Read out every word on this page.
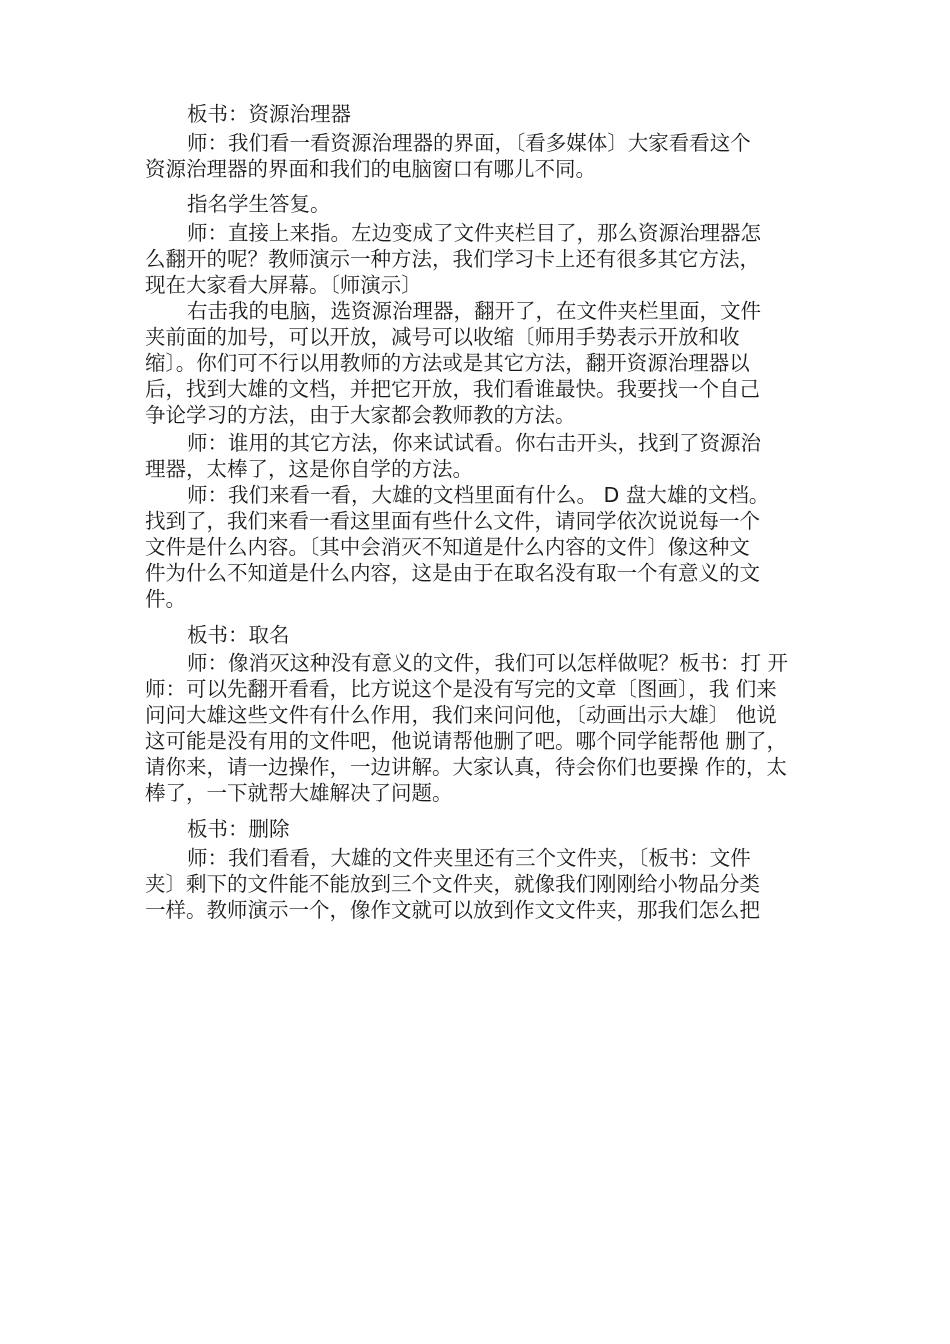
板书：资源治理器
师：我们看一看资源治理器的界面，〔看多媒体〕大家看看这个
资源治理器的界面和我们的电脑窗口有哪儿不同。
指名学生答复。
师：直接上来指。左边变成了文件夹栏目了，那么资源治理器怎
么翻开的呢？教师演示一种方法，我们学习卡上还有很多其它方法，
现在大家看大屏幕。〔师演示〕
右击我的电脑，选资源治理器，翻开了，在文件夹栏里面，文件
夹前面的加号，可以开放，减号可以收缩〔师用手势表示开放和收
缩〕。你们可不行以用教师的方法或是其它方法，翻开资源治理器以
后，找到大雄的文档，并把它开放，我们看谁最快。我要找一个自己
争论学习的方法，由于大家都会教师教的方法。
师：谁用的其它方法，你来试试看。你右击开头，找到了资源治
理器，太棒了，这是你自学的方法。
师：我们来看一看，大雄的文档里面有什么。 D 盘大雄的文档。
找到了，我们来看一看这里面有些什么文件，请同学依次说说每一个
文件是什么内容。〔其中会消灭不知道是什么内容的文件〕像这种文
件为什么不知道是什么内容，这是由于在取名没有取一个有意义的文
件。
板书：取名
师：像消灭这种没有意义的文件，我们可以怎样做呢？板书：打 开
师：可以先翻开看看，比方说这个是没有写完的文章〔图画〕，我 们来
问问大雄这些文件有什么作用，我们来问问他，〔动画出示大雄〕 他说
这可能是没有用的文件吧，他说请帮他删了吧。哪个同学能帮他 删了，
请你来，请一边操作，一边讲解。大家认真，待会你们也要操 作的，太
棒了，一下就帮大雄解决了问题。
板书：删除
师：我们看看，大雄的文件夹里还有三个文件夹，〔板书：文件
夹〕剩下的文件能不能放到三个文件夹，就像我们刚刚给小物品分类
一样。教师演示一个，像作文就可以放到作文文件夹，那我们怎么把
